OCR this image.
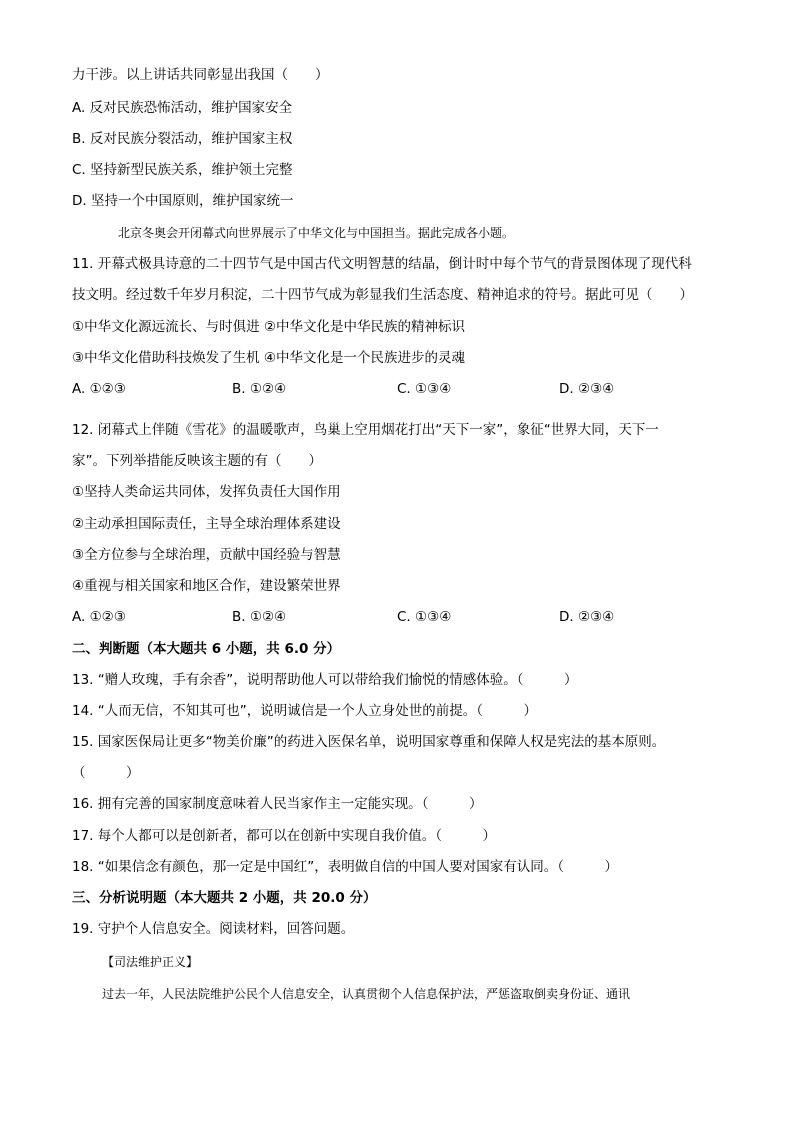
力干涉。以上讲话共同彰显出我国（　　）
A. 反对民族恐怖活动，维护国家安全
B. 反对民族分裂活动，维护国家主权
C. 坚持新型民族关系，维护领土完整
D. 坚持一个中国原则，维护国家统一
北京冬奥会开闭幕式向世界展示了中华文化与中国担当。据此完成各小题。
11. 开幕式极具诗意的二十四节气是中国古代文明智慧的结晶，倒计时中每个节气的背景图体现了现代科
技文明。经过数千年岁月积淀，二十四节气成为彰显我们生活态度、精神追求的符号。据此可见（　　）
①中华文化源远流长、与时俱进 ②中华文化是中华民族的精神标识
③中华文化借助科技焕发了生机 ④中华文化是一个民族进步的灵魂
A. ①②③	B. ①②④	C. ①③④	D. ②③④
12. 闭幕式上伴随《雪花》的温暖歌声，鸟巢上空用烟花打出“天下一家”，象征“世界大同，天下一
家”。下列举措能反映该主题的有（　　）
①坚持人类命运共同体，发挥负责任大国作用
②主动承担国际责任，主导全球治理体系建设
③全方位参与全球治理，贡献中国经验与智慧
④重视与相关国家和地区合作，建设繁荣世界
A. ①②③	B. ①②④	C. ①③④	D. ②③④
二、判断题（本大题共 6 小题，共 6.0 分）
13. “赠人玫瑰，手有余香”，说明帮助他人可以带给我们愉悦的情感体验。（　　　）
14. “人而无信，不知其可也”，说明诚信是一个人立身处世的前提。（　　　）
15. 国家医保局让更多“物美价廉”的药进入医保名单，说明国家尊重和保障人权是宪法的基本原则。
（　　　）
16. 拥有完善的国家制度意味着人民当家作主一定能实现。（　　　）
17. 每个人都可以是创新者，都可以在创新中实现自我价值。（　　　）
18. “如果信念有颜色，那一定是中国红”，表明做自信的中国人要对国家有认同。（　　　）
三、分析说明题（本大题共 2 小题，共 20.0 分）
19. 守护个人信息安全。阅读材料，回答问题。
【司法维护正义】
过去一年，人民法院维护公民个人信息安全，认真贯彻个人信息保护法，严惩盗取倒卖身份证、通讯
